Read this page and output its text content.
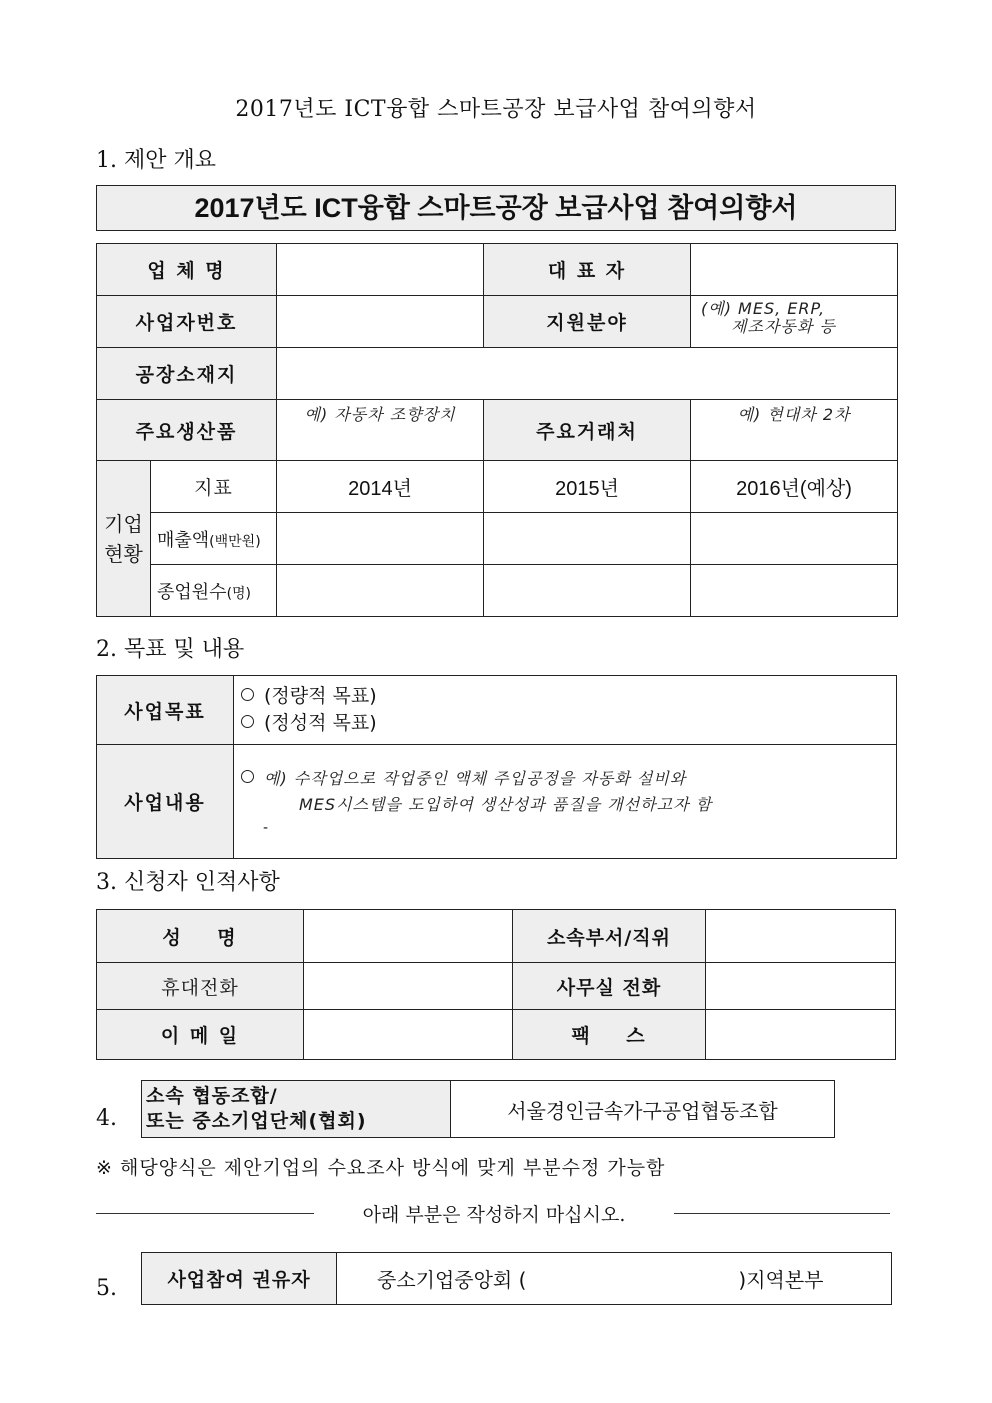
2017년도 ICT융합 스마트공장 보급사업 참여의향서
1. 제안 개요
2017년도 ICT융합 스마트공장 보급사업 참여의향서
업 체 명			대 표 자	
사업자번호			지원분야	(예) MES, ERP,
제조자동화 등

공장소재지				
주요생산품		예) 자동차 조향장치	주요거래처	예) 현대차 2차

기업
현황	지표	2014년	2015년	2016년(예상)
	매출액(백만원)			
	종업원수(명)			
2. 목표 및 내용
사업목표	(정량적 목표)
(정성적 목표)

사업내용	예) 수작업으로 작업중인 액체 주입공정을 자동화 설비와
MES시스템을 도입하여 생산성과 품질을 개선하고자 함
-
3. 신청자 인적사항
성    명		소속부서/직위	
휴대전화		사무실 전화	
이 메 일		팩    스	
4.
소속 협동조합/
또는 중소기업단체(협회)	서울경인금속가구공업협동조합
※ 해당양식은 제안기업의 수요조사 방식에 맞게 부분수정 가능함
아래 부분은 작성하지 마십시오.
5.	사업참여 권유자	중소기업중앙회 (	)지역본부
